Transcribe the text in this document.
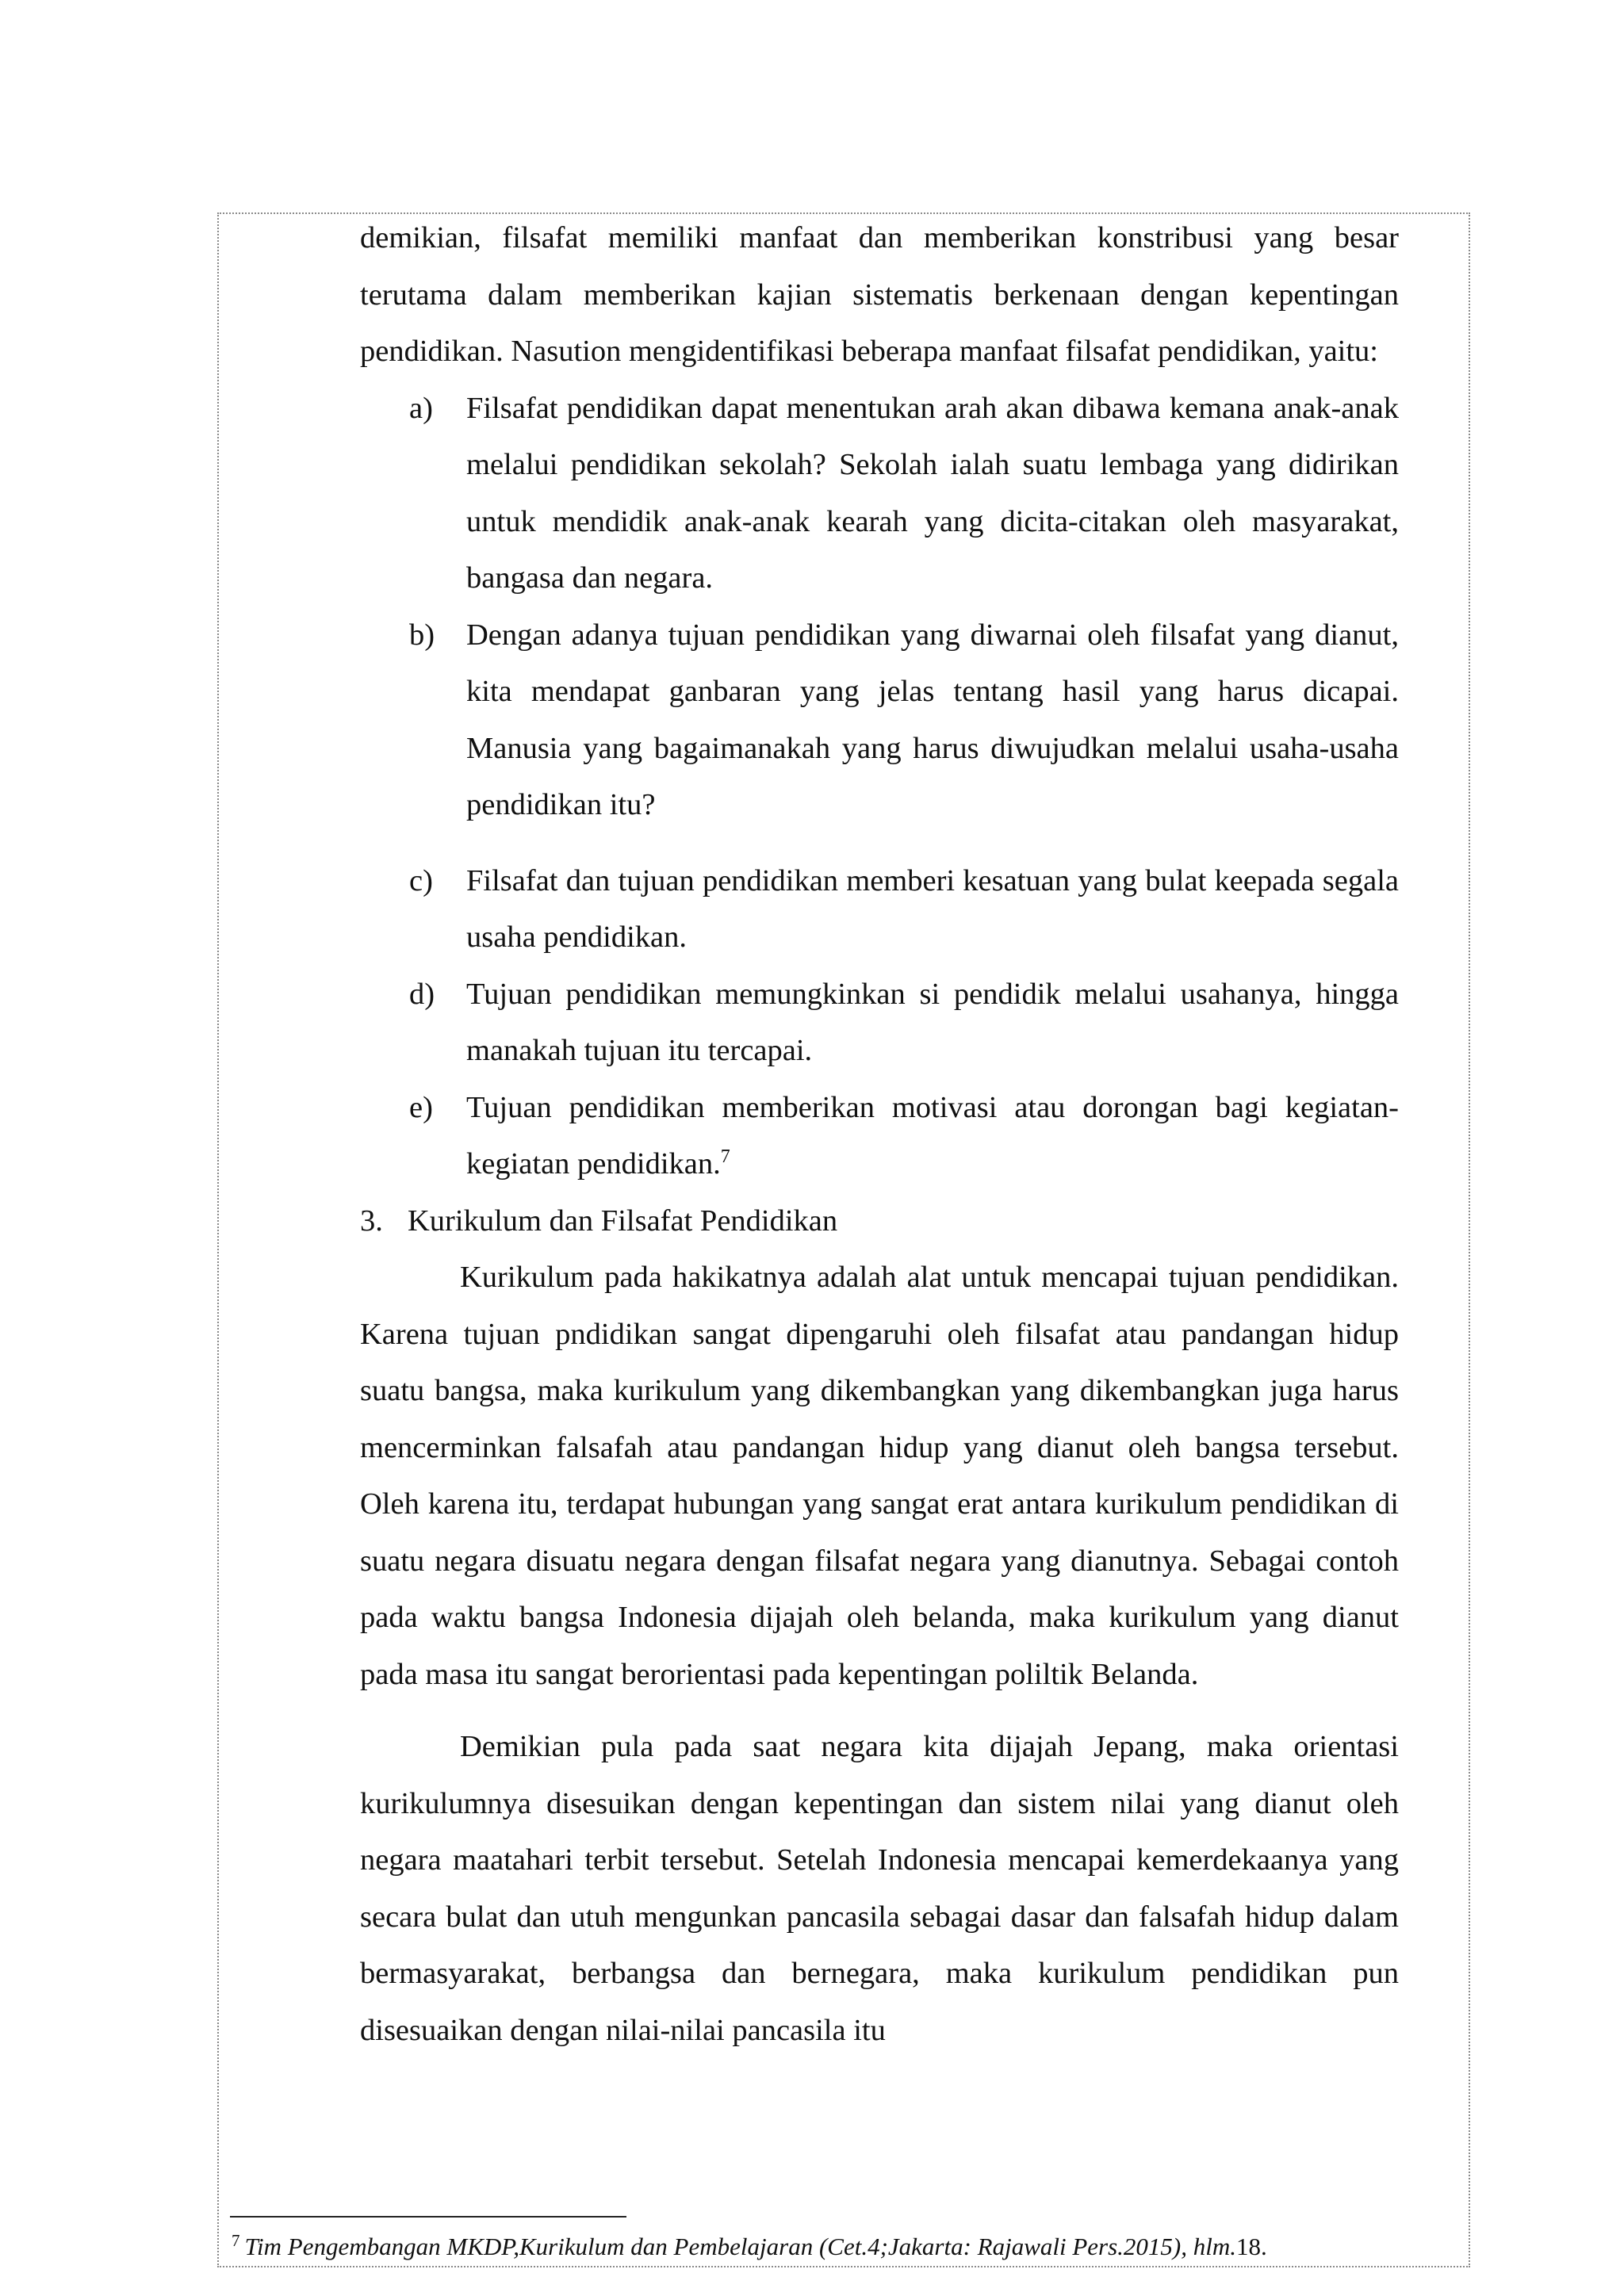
demikian, filsafat memiliki manfaat dan memberikan konstribusi yang besar terutama dalam memberikan kajian sistematis berkenaan dengan kepentingan pendidikan. Nasution mengidentifikasi beberapa manfaat filsafat pendidikan, yaitu:

a) Filsafat pendidikan dapat menentukan arah akan dibawa kemana anak-anak melalui pendidikan sekolah? Sekolah ialah suatu lembaga yang didirikan untuk mendidik anak-anak kearah yang dicita-citakan oleh masyarakat, bangasa dan negara.
b) Dengan adanya tujuan pendidikan yang diwarnai oleh filsafat yang dianut, kita mendapat ganbaran yang jelas tentang hasil yang harus dicapai. Manusia yang bagaimanakah yang harus diwujudkan melalui usaha-usaha pendidikan itu?
c) Filsafat dan tujuan pendidikan memberi kesatuan yang bulat keepada segala usaha pendidikan.
d) Tujuan pendidikan memungkinkan si pendidik melalui usahanya, hingga manakah tujuan itu tercapai.
e) Tujuan pendidikan memberikan motivasi atau dorongan bagi kegiatan-kegiatan pendidikan.$^7$

3. Kurikulum dan Filsafat Pendidikan

Kurikulum pada hakikatnya adalah alat untuk mencapai tujuan pendidikan. Karena tujuan pndidikan sangat dipengaruhi oleh filsafat atau pandangan hidup suatu bangsa, maka kurikulum yang dikembangkan yang dikembangkan juga harus mencerminkan falsafah atau pandangan hidup yang dianut oleh bangsa tersebut. Oleh karena itu, terdapat hubungan yang sangat erat antara kurikulum pendidikan di suatu negara disuatu negara dengan filsafat negara yang dianutnya. Sebagai contoh pada waktu bangsa Indonesia dijajah oleh belanda, maka kurikulum yang dianut pada masa itu sangat berorientasi pada kepentingan poliltik Belanda.

Demikian pula pada saat negara kita dijajah Jepang, maka orientasi kurikulumnya disesuikan dengan kepentingan dan sistem nilai yang dianut oleh negara maatahari terbit tersebut. Setelah Indonesia mencapai kemerdekaanya yang secara bulat dan utuh mengunkan pancasila sebagai dasar dan falsafah hidup dalam bermasyarakat, berbangsa dan bernegara, maka kurikulum pendidikan pun disesuaikan dengan nilai-nilai pancasila itu

$^7$ Tim Pengembangan MKDP,Kurikulum dan Pembelajaran (Cet.4;Jakarta: Rajawali Pers.2015), hlm.18.
